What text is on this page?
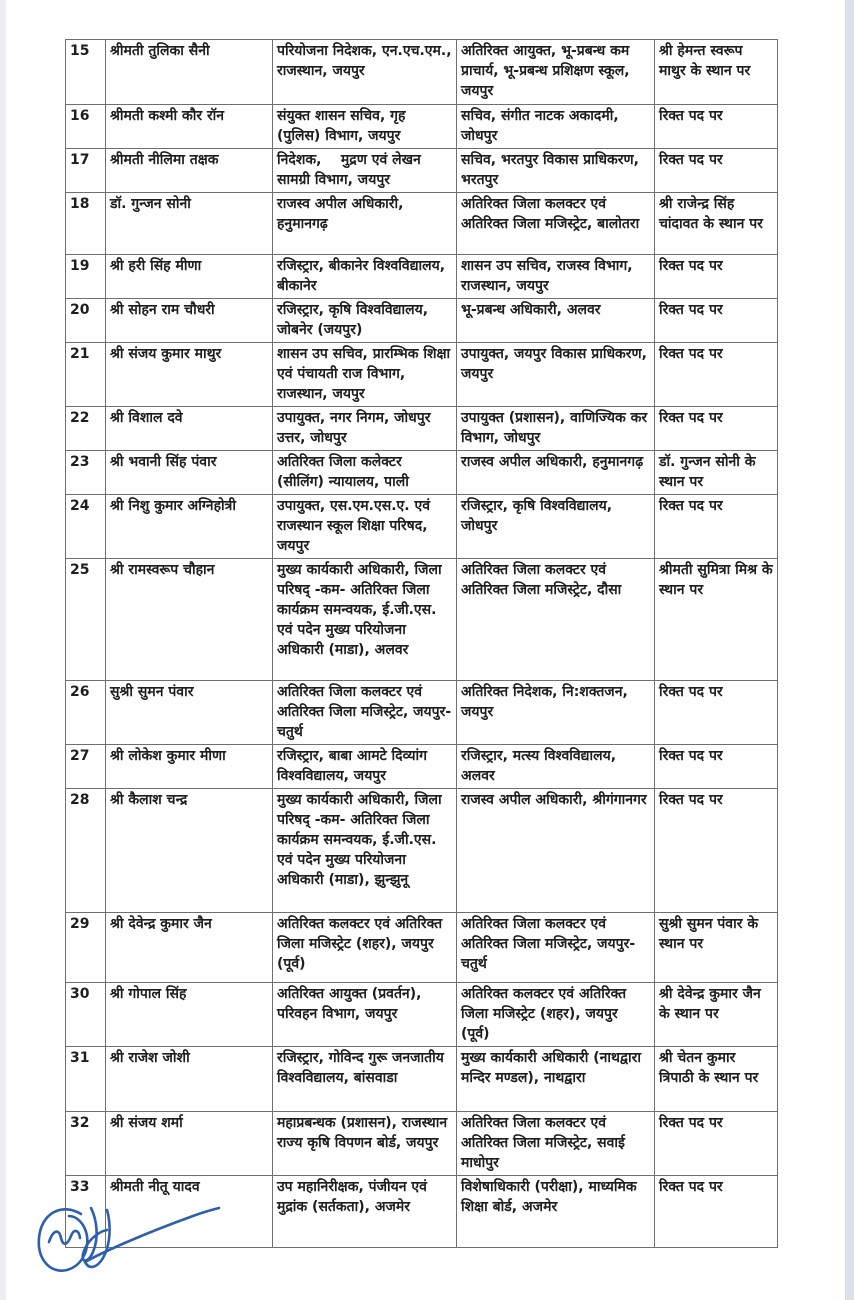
15	श्रीमती तुलिका सैनी	परियोजना निदेशक, एन.एच.एम., राजस्थान, जयपुर	अतिरिक्त आयुक्त, भू-प्रबन्ध कम प्राचार्य, भू-प्रबन्ध प्रशिक्षण स्कूल, जयपुर	श्री हेमन्त स्वरूप माथुर के स्थान पर
16	श्रीमती कश्मी कौर रॉन	संयुक्त शासन सचिव, गृह (पुलिस) विभाग, जयपुर	सचिव, संगीत नाटक अकादमी, जोधपुर	रिक्त पद पर
17	श्रीमती नीलिमा तक्षक	निदेशक,    मुद्रण एवं लेखन सामग्री विभाग, जयपुर	सचिव, भरतपुर विकास प्राधिकरण, भरतपुर	रिक्त पद पर
18	डॉ. गुन्जन सोनी	राजस्व अपील अधिकारी, हनुमानगढ़	अतिरिक्त जिला कलक्टर एवं अतिरिक्त जिला मजिस्ट्रेट, बालोतरा	श्री राजेन्द्र सिंह चांदावत के स्थान पर
19	श्री हरी सिंह मीणा	रजिस्ट्रार, बीकानेर विश्वविद्यालय, बीकानेर	शासन उप सचिव, राजस्व विभाग, राजस्थान, जयपुर	रिक्त पद पर
20	श्री सोहन राम चौधरी	रजिस्ट्रार, कृषि विश्वविद्यालय, जोबनेर (जयपुर)	भू-प्रबन्ध अधिकारी, अलवर	रिक्त पद पर
21	श्री संजय कुमार माथुर	शासन उप सचिव, प्रारम्भिक शिक्षा एवं पंचायती राज विभाग, राजस्थान, जयपुर	उपायुक्त, जयपुर विकास प्राधिकरण, जयपुर	रिक्त पद पर
22	श्री विशाल दवे	उपायुक्त, नगर निगम, जोधपुर उत्तर, जोधपुर	उपायुक्त (प्रशासन), वाणिज्यिक कर विभाग, जोधपुर	रिक्त पद पर
23	श्री भवानी सिंह पंवार	अतिरिक्त जिला कलेक्टर (सीलिंग) न्यायालय, पाली	राजस्व अपील अधिकारी, हनुमानगढ़	डॉ. गुन्जन सोनी के स्थान पर
24	श्री निशु कुमार अग्निहोत्री	उपायुक्त, एस.एम.एस.ए. एवं राजस्थान स्कूल शिक्षा परिषद, जयपुर	रजिस्ट्रार, कृषि विश्वविद्यालय, जोधपुर	रिक्त पद पर
25	श्री रामस्वरूप चौहान	मुख्य कार्यकारी अधिकारी, जिला परिषद् -कम- अतिरिक्त जिला कार्यक्रम समन्वयक, ई.जी.एस. एवं पदेन मुख्य परियोजना अधिकारी (माडा), अलवर	अतिरिक्त जिला कलक्टर एवं अतिरिक्त जिला मजिस्ट्रेट, दौसा	श्रीमती सुमित्रा मिश्र के स्थान पर
26	सुश्री सुमन पंवार	अतिरिक्त जिला कलक्टर एवं अतिरिक्त जिला मजिस्ट्रेट, जयपुर-चतुर्थ	अतिरिक्त निदेशक, नि:शक्तजन, जयपुर	रिक्त पद पर
27	श्री लोकेश कुमार मीणा	रजिस्ट्रार, बाबा आमटे दिव्यांग विश्वविद्यालय, जयपुर	रजिस्ट्रार, मत्स्य विश्वविद्यालय, अलवर	रिक्त पद पर
28	श्री कैलाश चन्द्र	मुख्य कार्यकारी अधिकारी, जिला परिषद् -कम- अतिरिक्त जिला कार्यक्रम समन्वयक, ई.जी.एस. एवं पदेन मुख्य परियोजना अधिकारी (माडा), झुन्झुनू	राजस्व अपील अधिकारी, श्रीगंगानगर	रिक्त पद पर
29	श्री देवेन्द्र कुमार जैन	अतिरिक्त कलक्टर एवं अतिरिक्त जिला मजिस्ट्रेट (शहर), जयपुर (पूर्व)	अतिरिक्त जिला कलक्टर एवं अतिरिक्त जिला मजिस्ट्रेट, जयपुर-चतुर्थ	सुश्री सुमन पंवार के स्थान पर
30	श्री गोपाल सिंह	अतिरिक्त आयुक्त (प्रवर्तन), परिवहन विभाग, जयपुर	अतिरिक्त कलक्टर एवं अतिरिक्त जिला मजिस्ट्रेट (शहर), जयपुर (पूर्व)	श्री देवेन्द्र कुमार जैन के स्थान पर
31	श्री राजेश जोशी	रजिस्ट्रार, गोविन्द गुरू जनजातीय विश्वविद्यालय, बांसवाडा	मुख्य कार्यकारी अधिकारी (नाथद्वारा मन्दिर मण्डल), नाथद्वारा	श्री चेतन कुमार त्रिपाठी के स्थान पर
32	श्री संजय शर्मा	महाप्रबन्धक (प्रशासन), राजस्थान राज्य कृषि विपणन बोर्ड, जयपुर	अतिरिक्त जिला कलक्टर एवं अतिरिक्त जिला मजिस्ट्रेट, सवाई माधोपुर	रिक्त पद पर
33	श्रीमती नीतू यादव	उप महानिरीक्षक, पंजीयन एवं मुद्रांक (सर्तकता), अजमेर	विशेषाधिकारी (परीक्षा), माध्यमिक शिक्षा बोर्ड, अजमेर	रिक्त पद पर
